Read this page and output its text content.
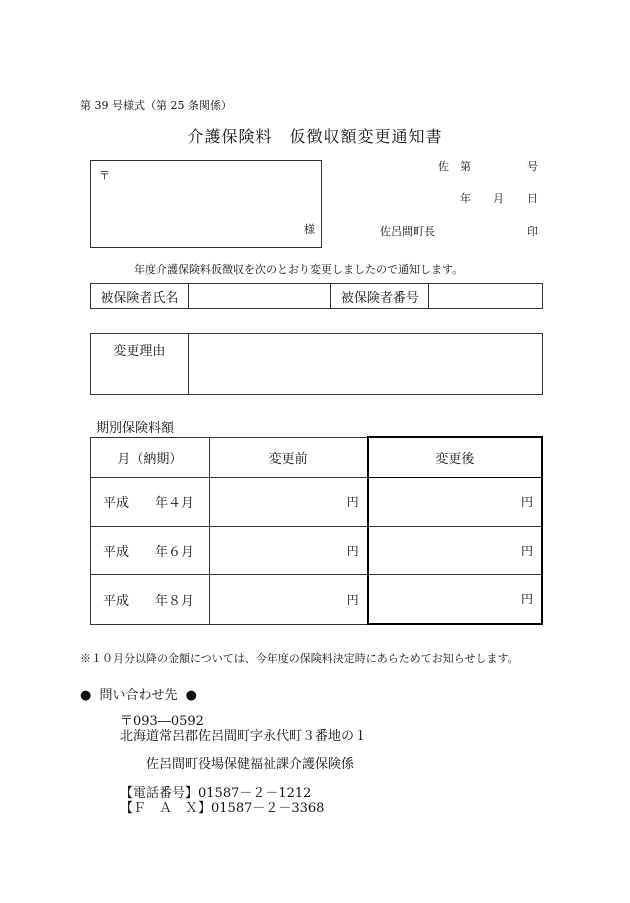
第 39 号様式（第 25 条関係）
介護保険料　仮徴収額変更通知書
〒
様
佐 第	号
年 月 日
佐呂間町長	印
年度介護保険料仮徴収を次のとおり変更しましたので通知します。
被保険者氏名		被保険者番号	
変更理由	
期別保険料額
月（納期）	変更前	変更後
平成　　年４月	円	円
平成　　年６月	円	円
平成　　年８月	円	円
※１０月分以降の金額については、今年度の保険料決定時にあらためてお知らせします。
● 問い合わせ先 ●
〒093―0592
北海道常呂郡佐呂間町字永代町３番地の１
佐呂間町役場保健福祉課介護保険係
【電話番号】01587－２－1212
【Ｆ　Ａ　Ｘ】01587－２－3368
